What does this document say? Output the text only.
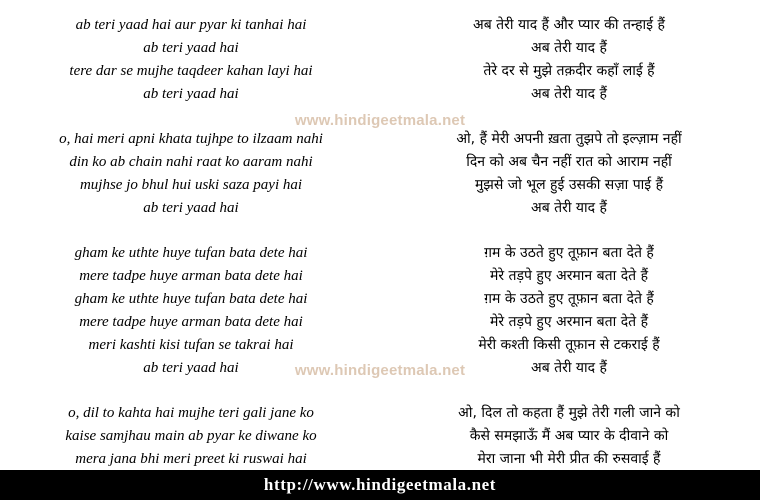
ab teri yaad hai aur pyar ki tanhai hai
ab teri yaad hai
tere dar se mujhe taqdeer kahan layi hai
ab teri yaad hai
o, hai meri apni khata tujhpe to ilzaam nahi
din ko ab chain nahi raat ko aaram nahi
mujhse jo bhul hui uski saza payi hai
ab teri yaad hai
gham ke uthte huye tufan bata dete hai
mere tadpe huye arman bata dete hai
gham ke uthte huye tufan bata dete hai
mere tadpe huye arman bata dete hai
meri kashti kisi tufan se takrai hai
ab teri yaad hai
o, dil to kahta hai mujhe teri gali jane ko
kaise samjhau main ab pyar ke diwane ko
mera jana bhi meri preet ki ruswai hai
अब तेरी याद हैं और प्यार की तन्हाई हैं
अब तेरी याद हैं
तेरे दर से मुझे तक़दीर कहाँ लाई हैं
अब तेरी याद हैं
ओ, हैं मेरी अपनी ख़ता तुझपे तो इल्ज़ाम नहीं
दिन को अब चैन नहीं रात को आराम नहीं
मुझसे जो भूल हुई उसकी सज़ा पाई हैं
अब तेरी याद हैं
ग़म के उठते हुए तूफ़ान बता देते हैं
मेरे तड़पे हुए अरमान बता देते हैं
ग़म के उठते हुए तूफ़ान बता देते हैं
मेरे तड़पे हुए अरमान बता देते हैं
मेरी कश्ती किसी तूफ़ान से टकराई हैं
अब तेरी याद हैं
ओ, दिल तो कहता हैं मुझे तेरी गली जाने को
कैसे समझाऊँ मैं अब प्यार के दीवाने को
मेरा जाना भी मेरी प्रीत की रुसवाई हैं
www.hindigeetmala.net
www.hindigeetmala.net
http://www.hindigeetmala.net
